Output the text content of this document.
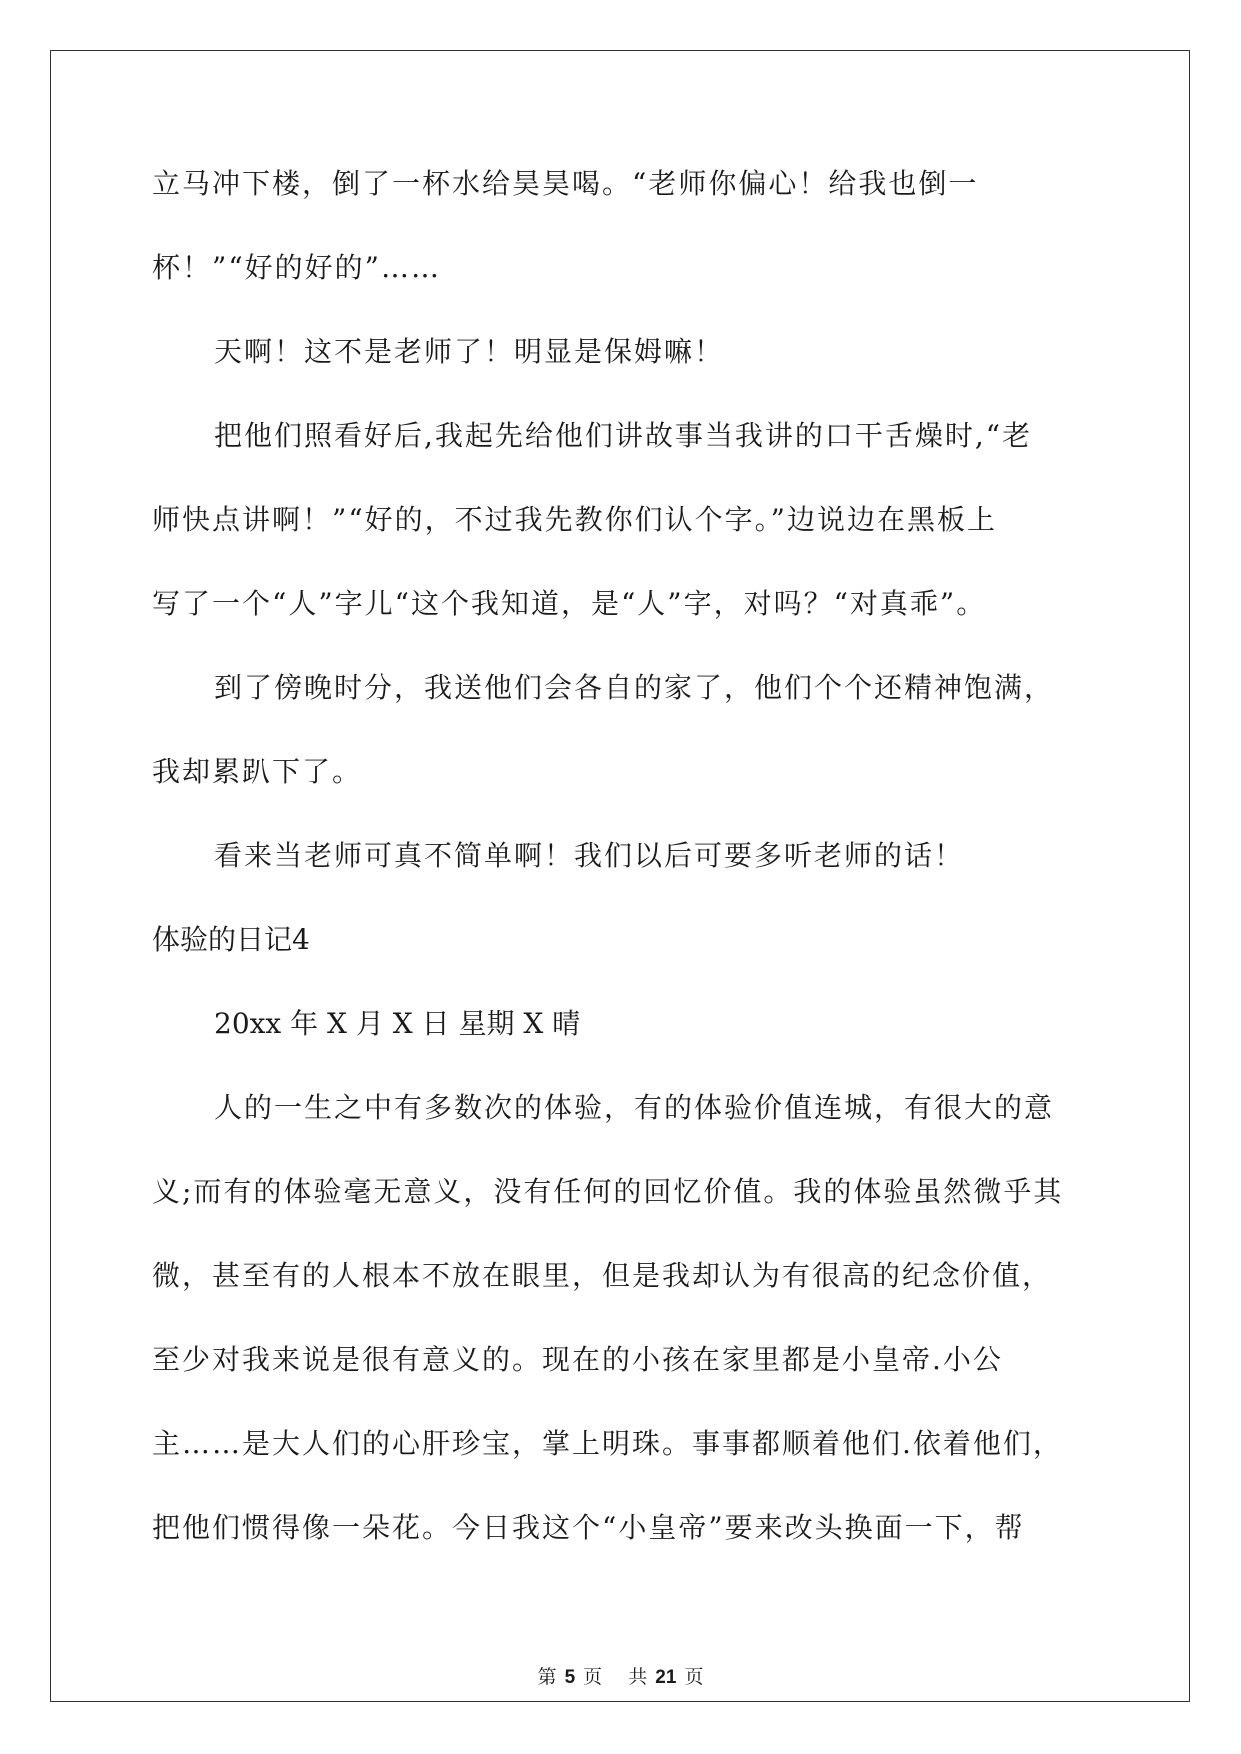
立马冲下楼，倒了一杯水给昊昊喝。“老师你偏心！给我也倒一
杯！”“好的好的”……
天啊！这不是老师了！明显是保姆嘛！
把他们照看好后,我起先给他们讲故事当我讲的口干舌燥时,“老
师快点讲啊！”“好的，不过我先教你们认个字。”边说边在黑板上
写了一个“人”字儿“这个我知道，是“人”字，对吗？“对真乖”。
到了傍晚时分，我送他们会各自的家了，他们个个还精神饱满，
我却累趴下了。
看来当老师可真不简单啊！我们以后可要多听老师的话！
体验的日记4
20xx 年 X 月 X 日 星期 X 晴
人的一生之中有多数次的体验，有的体验价值连城，有很大的意
义;而有的体验毫无意义，没有任何的回忆价值。我的体验虽然微乎其
微，甚至有的人根本不放在眼里，但是我却认为有很高的纪念价值，
至少对我来说是很有意义的。现在的小孩在家里都是小皇帝.小公
主……是大人们的心肝珍宝，掌上明珠。事事都顺着他们.依着他们，
把他们惯得像一朵花。今日我这个“小皇帝”要来改头换面一下，帮
第 5 页 共 21 页
